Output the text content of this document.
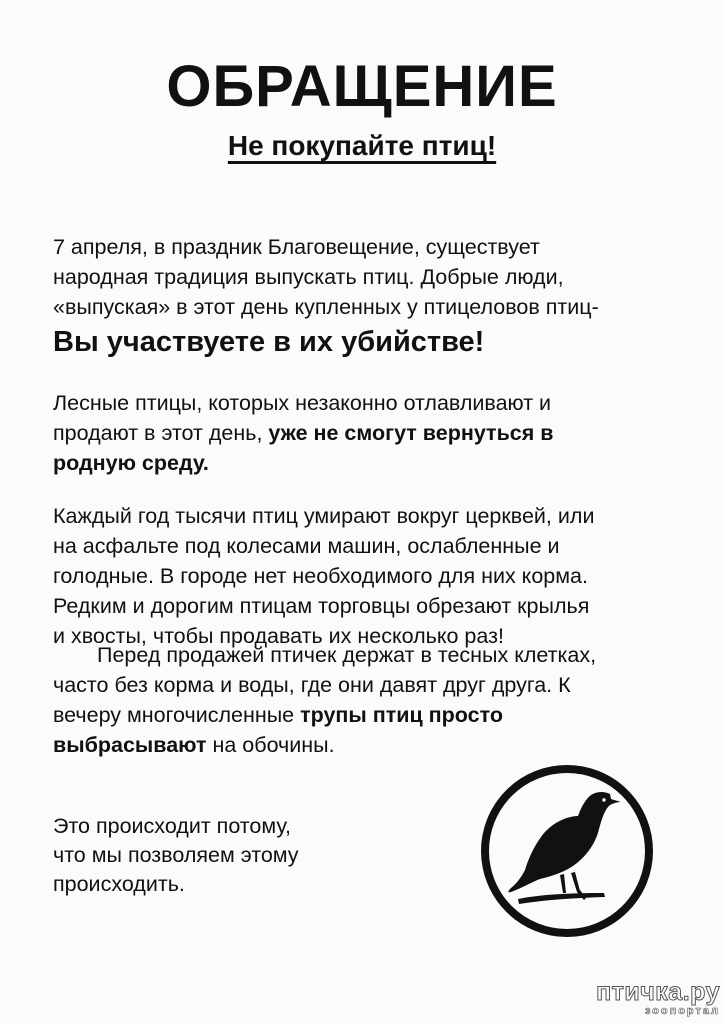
ОБРАЩЕНИЕ
Не покупайте птиц!

7 апреля, в праздник Благовещение, существует
народная традиция выпускать птиц. Добрые люди,
«выпуская» в этот день купленных у птицеловов птиц-

Вы участвуете в их убийстве!

Лесные птицы, которых незаконно отлавливают и
продают в этот день, уже не смогут вернуться в
родную среду.

Каждый год тысячи птиц умирают вокруг церквей, или
на асфальте под колесами машин, ослабленные и
голодные. В городе нет необходимого для них корма.
Редким и дорогим птицам торговцы обрезают крылья
и хвосты, чтобы продавать их несколько раз!

Перед продажей птичек держат в тесных клетках,
часто без корма и воды, где они давят друг друга. К
вечеру многочисленные трупы птиц просто
выбрасывают на обочины.

Это происходит потому,
что мы позволяем этому
происходить.

птичка.ру
зоопортал
